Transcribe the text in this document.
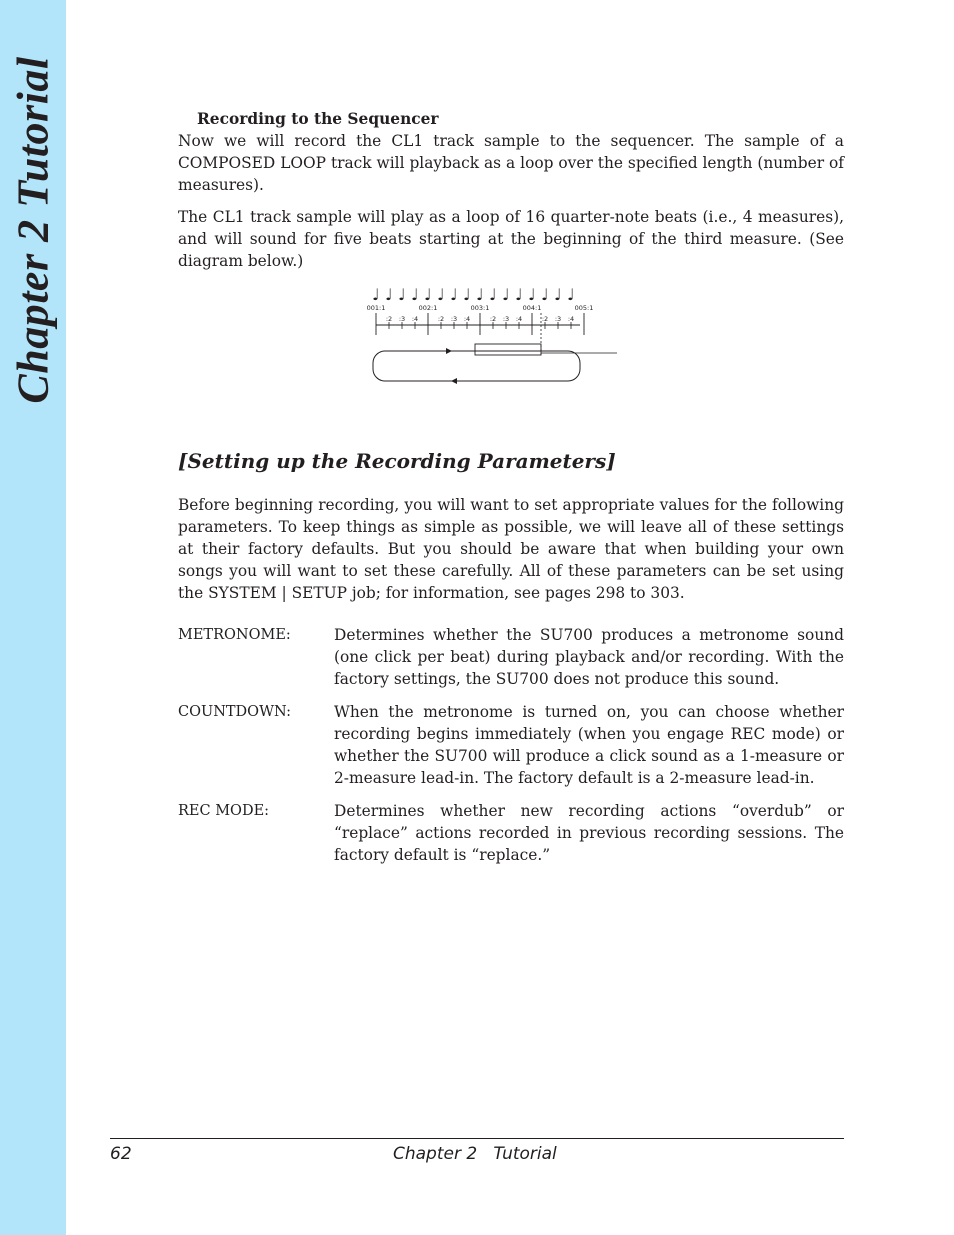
Chapter 2 Tutorial	Recording to the Sequencer

Now we will record the CL1 track sample to the sequencer. The sample of a COMPOSED LOOP track will playback as a loop over the specified length (number of measures).

The CL1 track sample will play as a loop of 16 quarter-note beats (i.e., 4 measures), and will sound for five beats starting at the beginning of the third measure. (See diagram below.)

♩ ♩ ♩ ♩ ♩ ♩ ♩ ♩ ♩ ♩ ♩ ♩ ♩ ♩ ♩ ♩
001:1
:2 :3 :4
002:1
:2 :3 :4
003:1
:2 :3 :4
004:1
:2 :3 :4
005:1
[Setting up the Recording Parameters]

Before beginning recording, you will want to set appropriate values for the following parameters. To keep things as simple as possible, we will leave all of these settings at their factory defaults. But you should be aware that when building your own songs you will want to set these carefully. All of these parameters can be set using the SYSTEM | SETUP job; for information, see pages 298 to 303.

METRONOME:	Determines whether the SU700 produces a metronome sound (one click per beat) during playback and/or recording. With the factory settings, the SU700 does not produce this sound.
COUNTDOWN:	When the metronome is turned on, you can choose whether recording begins immediately (when you engage REC mode) or whether the SU700 will produce a click sound as a 1-measure or 2-measure lead-in. The factory default is a 2-measure lead-in.
REC MODE:	Determines whether new recording actions “overdub” or “replace” actions recorded in previous recording sessions. The factory default is “replace.”
62	Chapter 2   Tutorial
